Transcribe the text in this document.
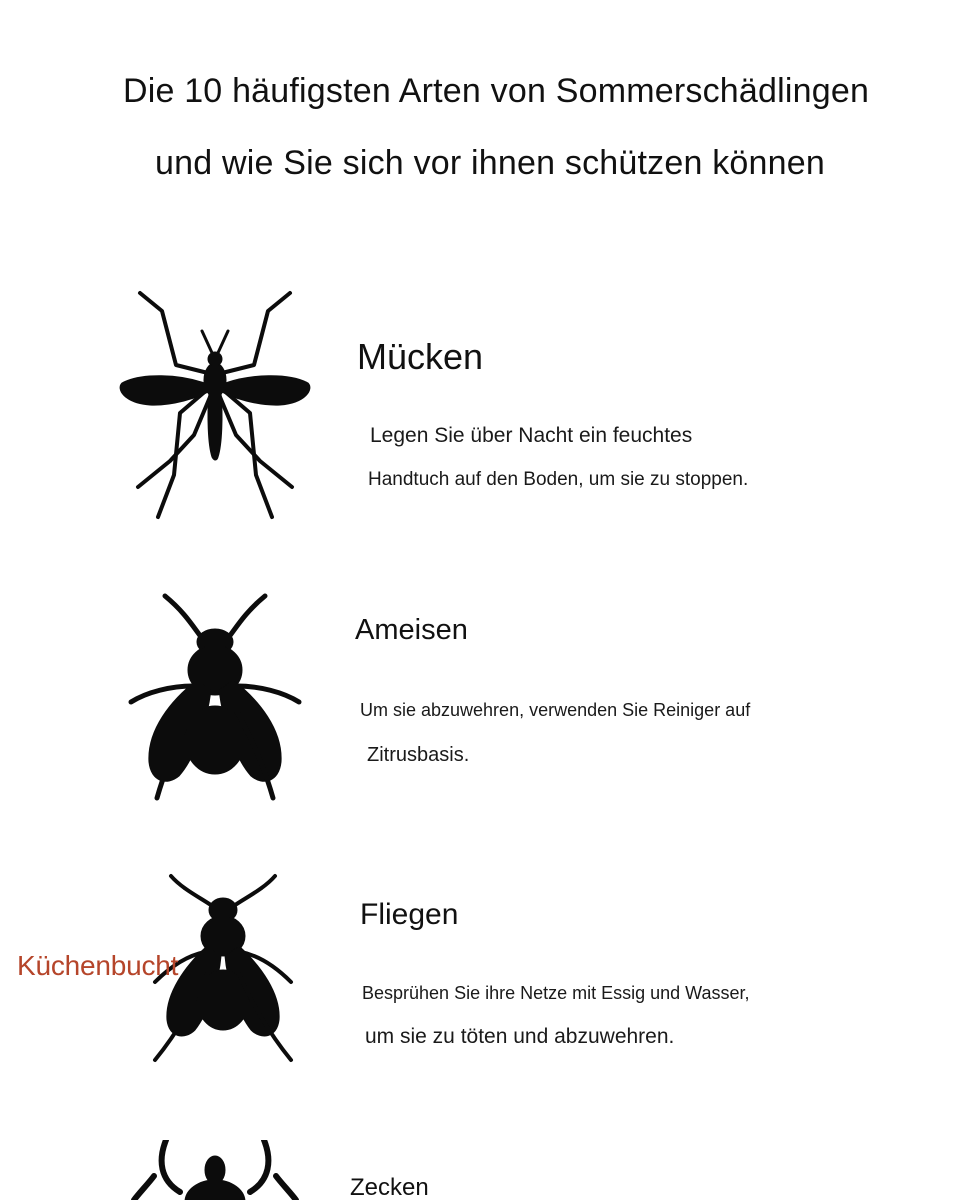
Die 10 häufigsten Arten von Sommerschädlingen
und wie Sie sich vor ihnen schützen können
Mücken
Legen Sie über Nacht ein feuchtes
Handtuch auf den Boden, um sie zu stoppen.
Ameisen
Um sie abzuwehren, verwenden Sie Reiniger auf
Zitrusbasis.
Fliegen
Besprühen Sie ihre Netze mit Essig und Wasser,
um sie zu töten und abzuwehren.
Küchenbucht
Zecken
